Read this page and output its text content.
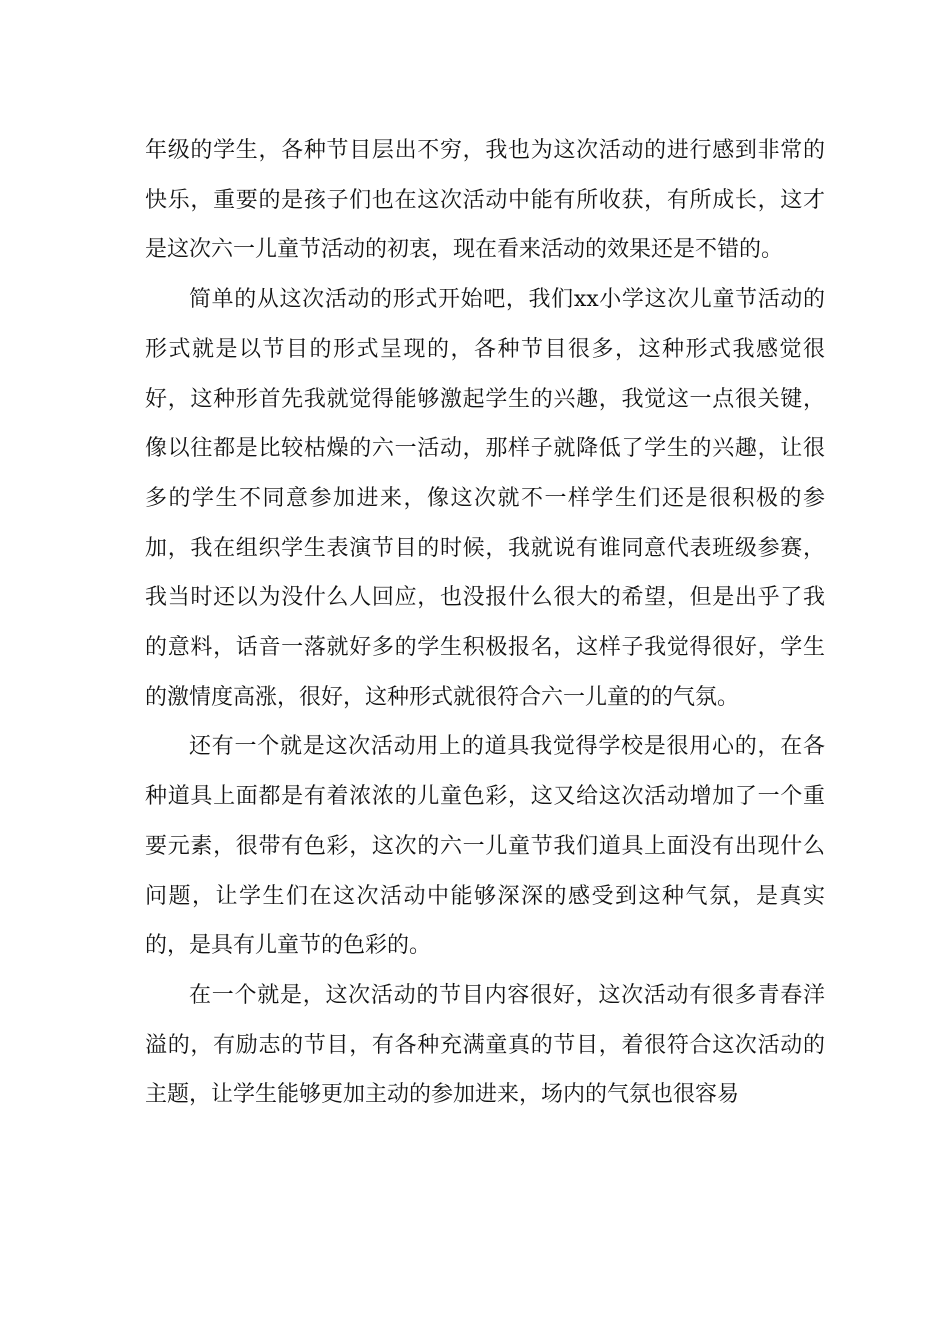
年级的学生，各种节目层出不穷，我也为这次活动的进行感到非常的快乐，重要的是孩子们也在这次活动中能有所收获，有所成长，这才是这次六一儿童节活动的初衷，现在看来活动的效果还是不错的。

简单的从这次活动的形式开始吧，我们xx小学这次儿童节活动的形式就是以节目的形式呈现的，各种节目很多，这种形式我感觉很好，这种形首先我就觉得能够激起学生的兴趣，我觉这一点很关键，像以往都是比较枯燥的六一活动，那样子就降低了学生的兴趣，让很多的学生不同意参加进来，像这次就不一样学生们还是很积极的参加，我在组织学生表演节目的时候，我就说有谁同意代表班级参赛，我当时还以为没什么人回应，也没报什么很大的希望，但是出乎了我的意料，话音一落就好多的学生积极报名，这样子我觉得很好，学生的激情度高涨，很好，这种形式就很符合六一儿童的的气氛。

还有一个就是这次活动用上的道具我觉得学校是很用心的，在各种道具上面都是有着浓浓的儿童色彩，这又给这次活动增加了一个重要元素，很带有色彩，这次的六一儿童节我们道具上面没有出现什么问题，让学生们在这次活动中能够深深的感受到这种气氛，是真实的，是具有儿童节的色彩的。

在一个就是，这次活动的节目内容很好，这次活动有很多青春洋溢的，有励志的节目，有各种充满童真的节目，着很符合这次活动的主题，让学生能够更加主动的参加进来，场内的气氛也很容易
